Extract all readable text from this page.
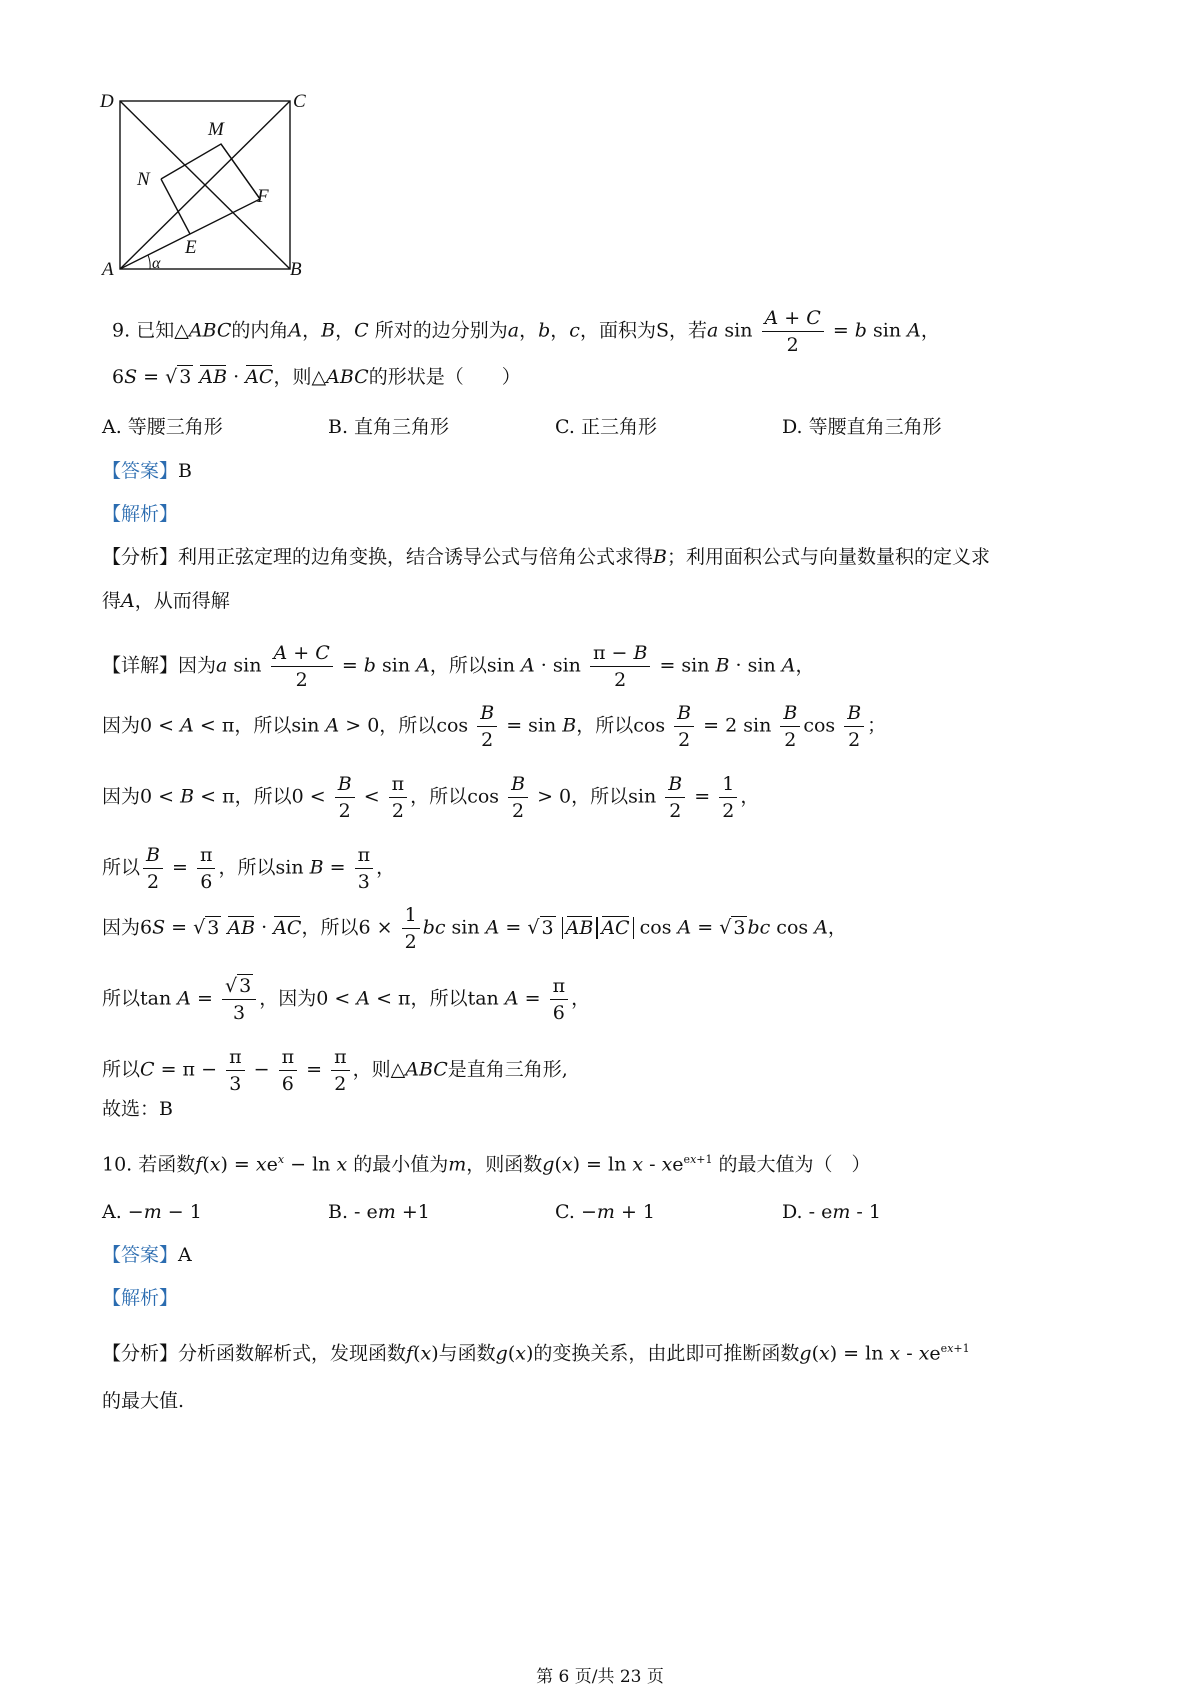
D	C
M
N
F
E
A	B
α
9. 已知△ABC的内角A，B，C 所对的边分别为a，b，c，面积为S，若a $\sin \frac{A + C}{2} = b$ sin A，
6S = √ 3 AB · AC，则△ABC的形状是（　　）
A. 等腰三角形	B. 直角三角形	C. 正三角形	D. 等腰直角三角形
【答案】B
【解析】
【分析】利用正弦定理的边角变换，结合诱导公式与倍角公式求得B；利用面积公式与向量数量积的定义求
得A，从而得解
【详解】因为a $\sin \frac{A + C}{2} = b$ sin A，所以$\sin A \cdot \sin \frac{\pi - B}{2} = \sin B \cdot \sin A$，
因为0 < A < π，所以sin A > 0，所以$\cos \frac{B}{2} = \sin B$，所以$\cos \frac{B}{2} = 2$ $\sin \frac{B}{2}$ $\cos \frac{B}{2}$ ；
因为0 < B < π，所以$0 < \frac{B}{2} < \frac{\pi}{2}$ ，所以$\cos \frac{B}{2} > 0$，所以$\sin \frac{B}{2} = \frac{1}{2}$ ，
所以 $\frac{B}{2} = \frac{\pi}{6}$ ，所以$\sin B = \frac{\pi}{3}$ ，
因为6S = √ 3 AB · AC，所以$6 \times \frac{1}{2}$ bc sin A = √ 3 AB AC cos A = √ 3 bc cos A，
所以$\tan A = \frac{√ 3}{3}$ ，因为0 < A < π，所以$\tan A = \frac{\pi}{6}$ ，
所以$C = \pi - \frac{\pi}{3} - \frac{\pi}{6} = \frac{\pi}{2}$ ，则△ABC是直角三角形,
故选：B
10. 若函数$f(x) = xe^x - \ln x$ 的最小值为m，则函数$g(x) = \ln x - xe^{ex+1}$ 的最大值为（　）
A. −m − 1	B. - em +1	C. −m + 1	D. - em - 1
【答案】A
【解析】
【分析】分析函数解析式，发现函数f(x)与函数g(x)的变换关系，由此即可推断函数$g(x) = \ln x - xe^{ex+1}$
的最大值.
第 6 页/共 23 页
